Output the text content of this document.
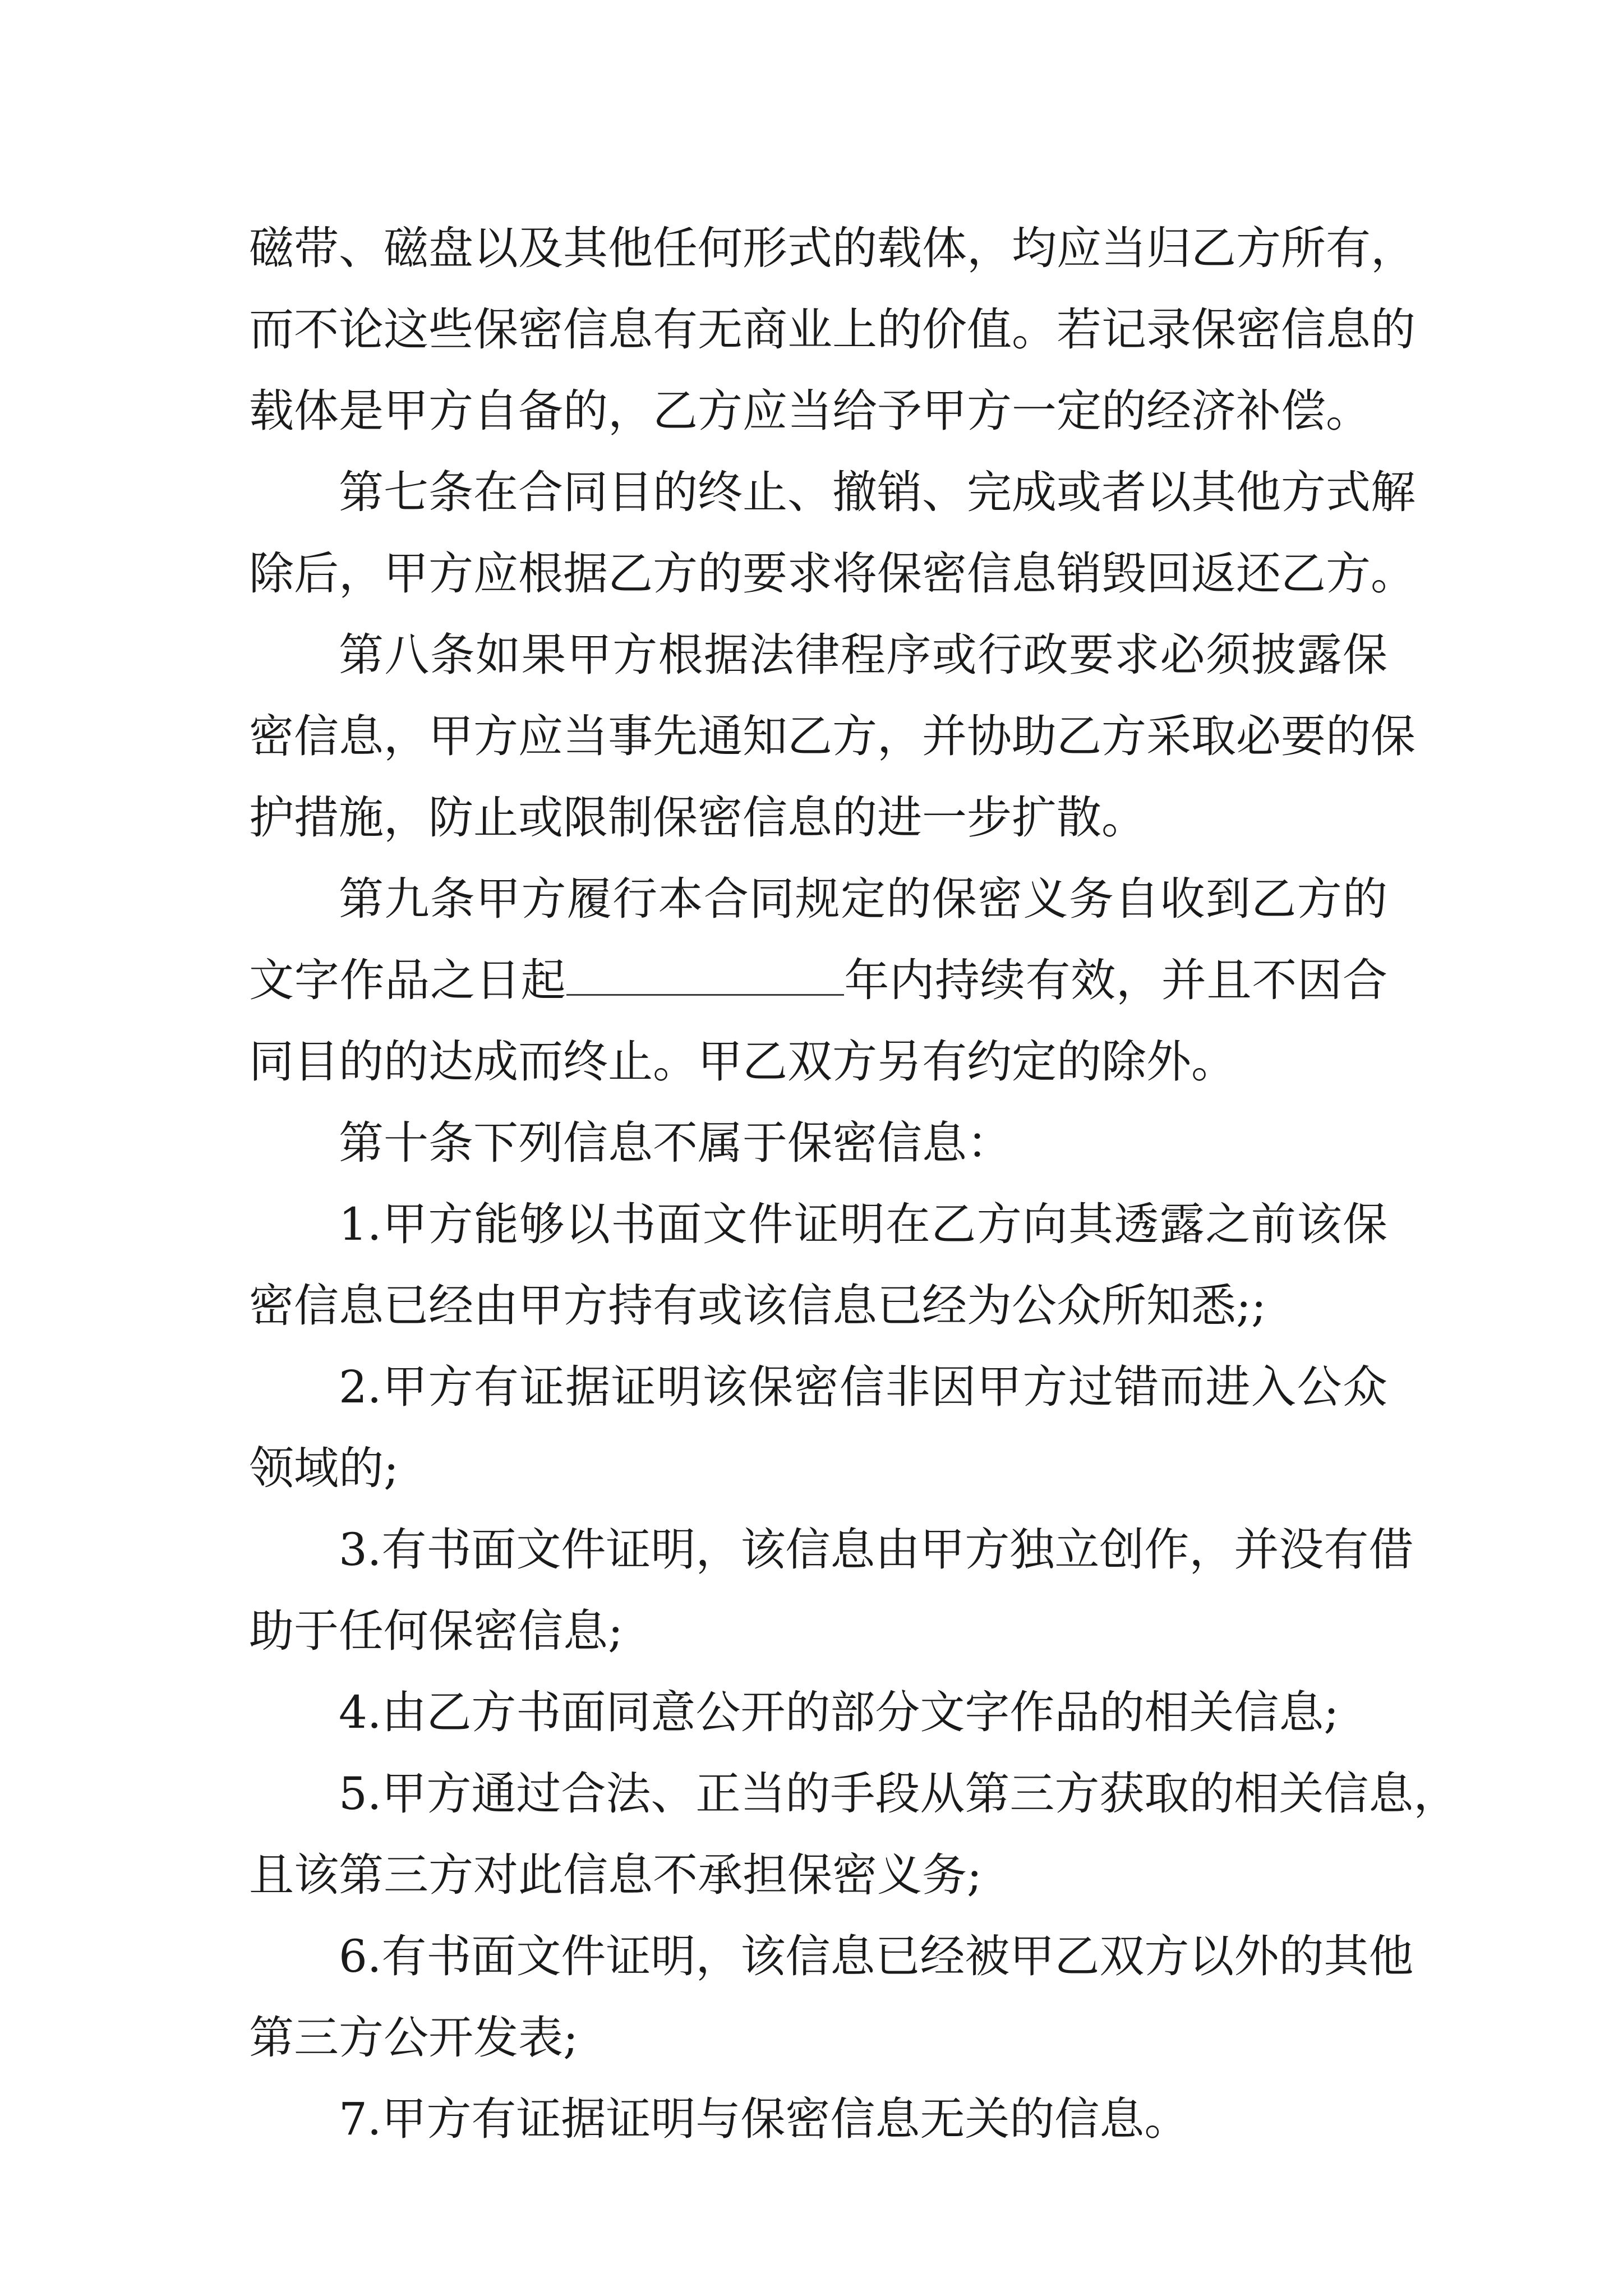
磁带、磁盘以及其他任何形式的载体，均应当归乙方所有，
而不论这些保密信息有无商业上的价值。若记录保密信息的
载体是甲方自备的，乙方应当给予甲方一定的经济补偿。
第七条在合同目的终止、撤销、完成或者以其他方式解
除后，甲方应根据乙方的要求将保密信息销毁回返还乙方。
第八条如果甲方根据法律程序或行政要求必须披露保
密信息，甲方应当事先通知乙方，并协助乙方采取必要的保
护措施，防止或限制保密信息的进一步扩散。
第九条甲方履行本合同规定的保密义务自收到乙方的
文字作品之日起	年内持续有效，并且不因合
同目的的达成而终止。甲乙双方另有约定的除外。
第十条下列信息不属于保密信息：
1.甲方能够以书面文件证明在乙方向其透露之前该保
密信息已经由甲方持有或该信息已经为公众所知悉;;
2.甲方有证据证明该保密信非因甲方过错而进入公众
领域的;
3.有书面文件证明，该信息由甲方独立创作，并没有借
助于任何保密信息;
4.由乙方书面同意公开的部分文字作品的相关信息;
5.甲方通过合法、正当的手段从第三方获取的相关信息，
且该第三方对此信息不承担保密义务;
6.有书面文件证明，该信息已经被甲乙双方以外的其他
第三方公开发表;
7.甲方有证据证明与保密信息无关的信息。
